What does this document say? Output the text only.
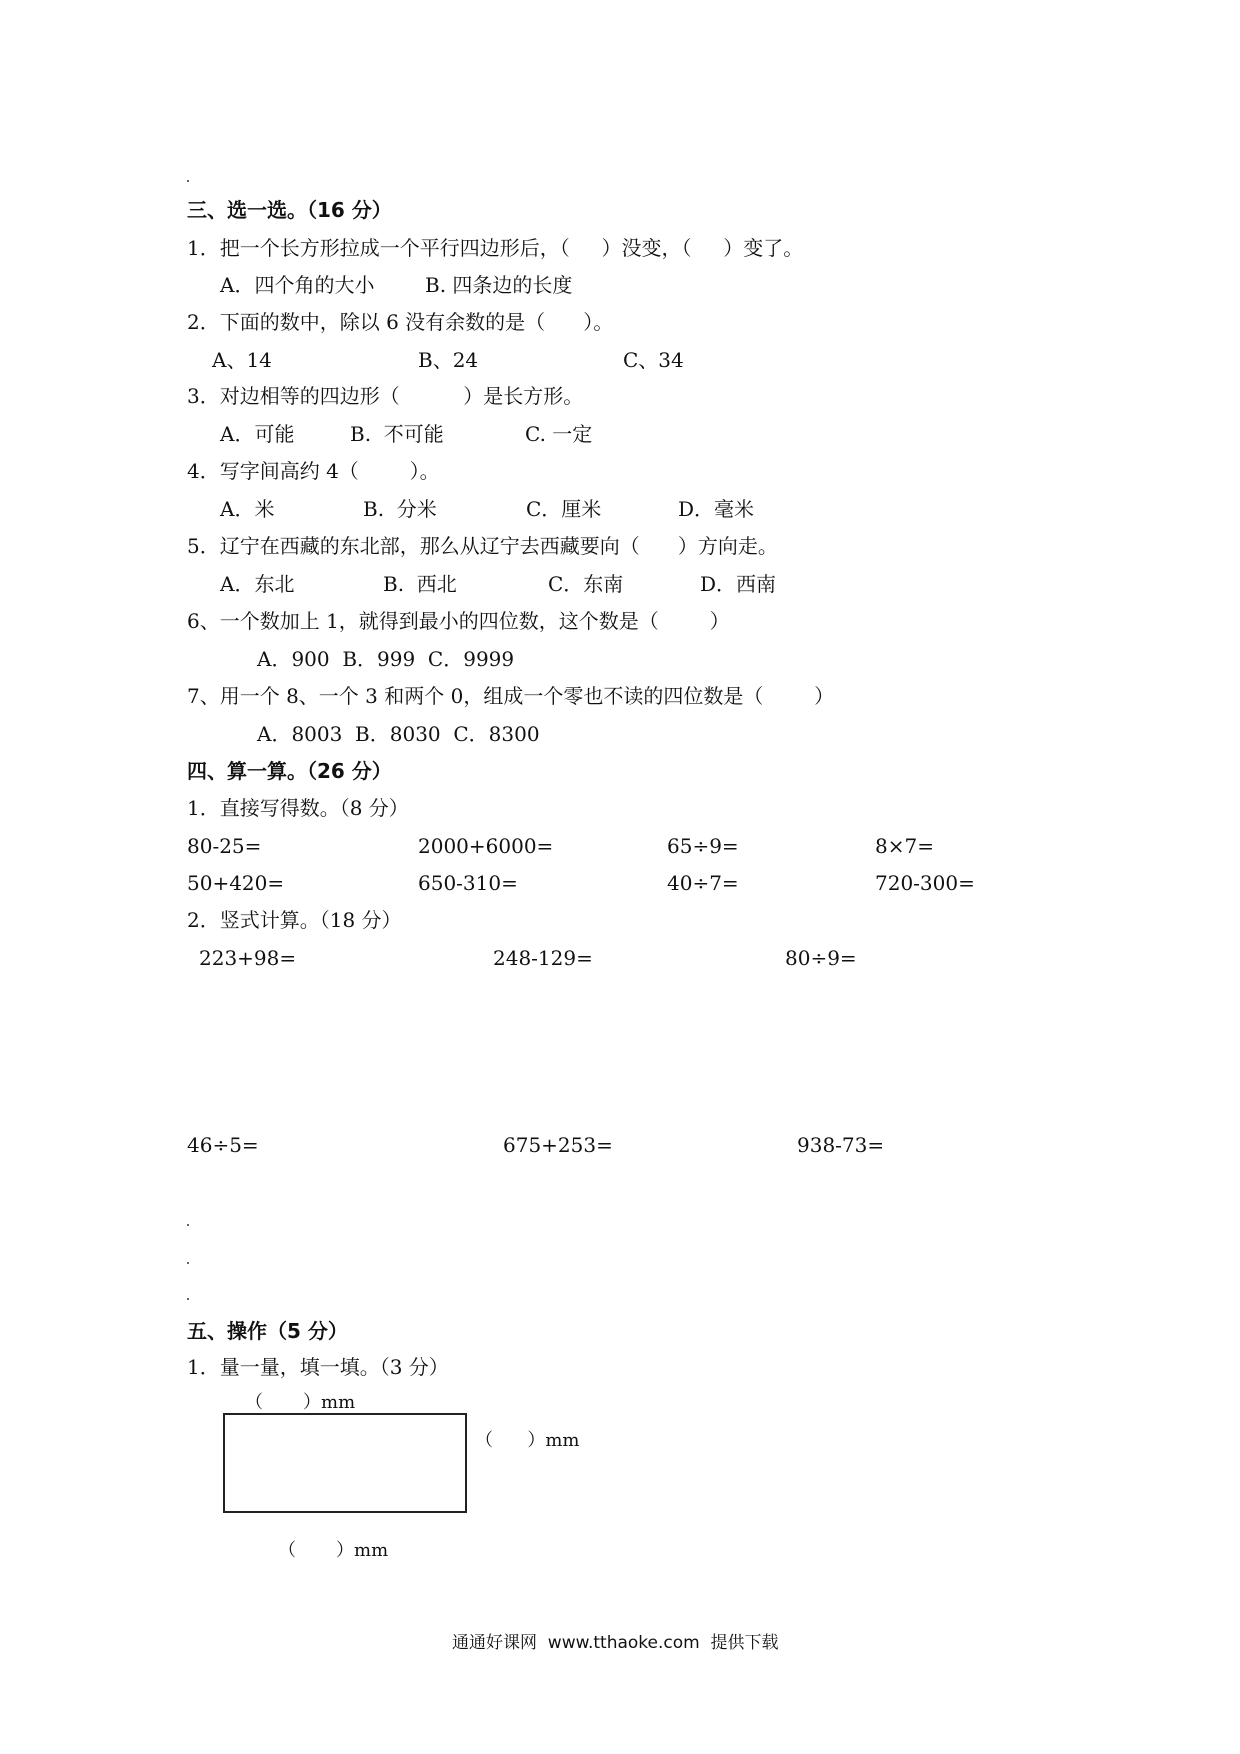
三、选一选。（16 分）
1．把一个长方形拉成一个平行四边形后，（     ）没变，（     ）变了。
A．四个角的大小	B. 四条边的长度
2．下面的数中，除以 6 没有余数的是（      ）。
A、14	B、24	C、34
3．对边相等的四边形（          ）是长方形。
A．可能	B.  不可能	C. 一定
4．写字间高约 4（        ）。
A．米	B.  分米	C．厘米	D．毫米
5．辽宁在西藏的东北部，那么从辽宁去西藏要向（      ）方向走。
A．东北	B.  西北	C．东南	D．西南
6、一个数加上 1，就得到最小的四位数，这个数是（        ）
A．900  B．999  C．9999
7、用一个 8、一个 3 和两个 0，组成一个零也不读的四位数是（        ）
A．8003  B．8030  C．8300
四、算一算。（26 分）
1．直接写得数。（8 分）
80-25=	2000+6000=	65÷9=	8×7=
50+420=	650-310=	40÷7=	720-300=
2．竖式计算。（18 分）
223+98=	248-129=	80÷9=
46÷5=	675+253=	938-73=
五、操作（5 分）
1．量一量，填一填。（3 分）
（       ）mm
（      ）mm
（       ）mm
通通好课网  www.tthaoke.com  提供下载
